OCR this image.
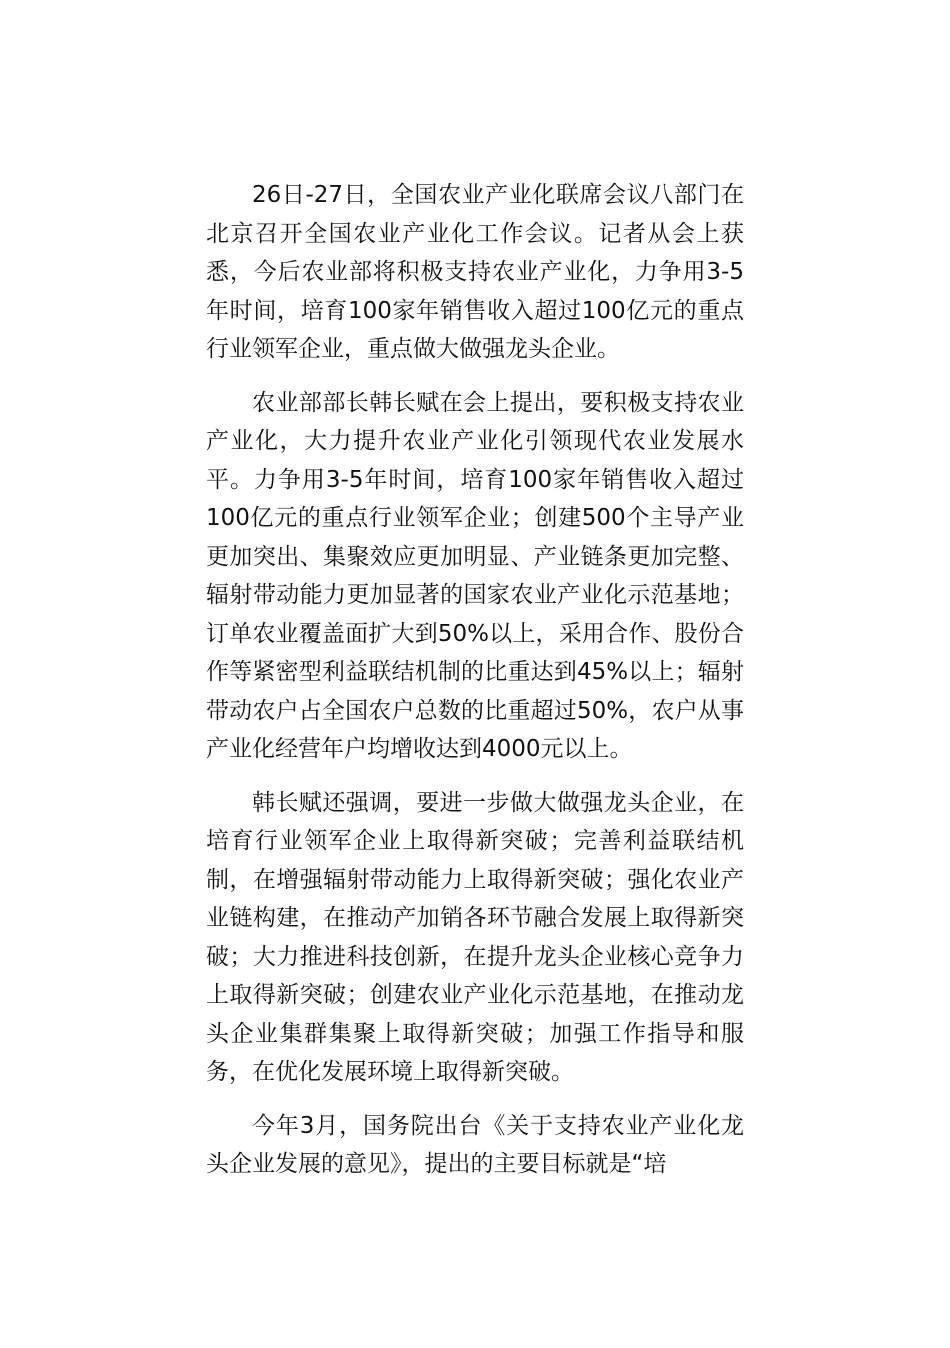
26日-27日，全国农业产业化联席会议八部门在北京召开全国农业产业化工作会议。记者从会上获悉，今后农业部将积极支持农业产业化，力争用3-5年时间，培育100家年销售收入超过100亿元的重点行业领军企业，重点做大做强龙头企业。

农业部部长韩长赋在会上提出，要积极支持农业产业化，大力提升农业产业化引领现代农业发展水平。力争用3-5年时间，培育100家年销售收入超过100亿元的重点行业领军企业；创建500个主导产业更加突出、集聚效应更加明显、产业链条更加完整、辐射带动能力更加显著的国家农业产业化示范基地；订单农业覆盖面扩大到50%以上，采用合作、股份合作等紧密型利益联结机制的比重达到45%以上；辐射带动农户占全国农户总数的比重超过50%，农户从事产业化经营年户均增收达到4000元以上。

韩长赋还强调，要进一步做大做强龙头企业，在培育行业领军企业上取得新突破；完善利益联结机制，在增强辐射带动能力上取得新突破；强化农业产业链构建，在推动产加销各环节融合发展上取得新突破；大力推进科技创新，在提升龙头企业核心竞争力上取得新突破；创建农业产业化示范基地，在推动龙头企业集群集聚上取得新突破；加强工作指导和服务，在优化发展环境上取得新突破。

今年3月，国务院出台《关于支持农业产业化龙头企业发展的意见》，提出的主要目标就是“培
